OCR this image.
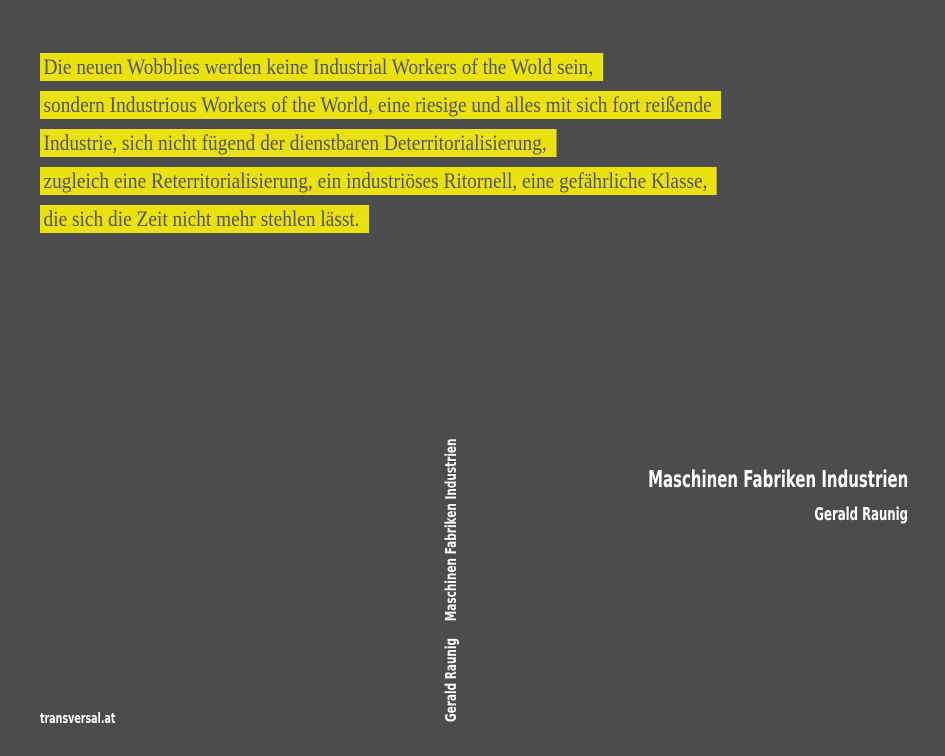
Die neuen Wobblies werden keine Industrial Workers of the Wold sein,
sondern Industrious Workers of the World, eine riesige und alles mit sich fort reißende
Industrie, sich nicht fügend der dienstbaren Deterritorialisierung,
zugleich eine Reterritorialisierung, ein industriöses Ritornell, eine gefährliche Klasse,
die sich die Zeit nicht mehr stehlen lässt.
Maschinen Fabriken Industrien
Gerald Raunig
Gerald RaunigMaschinen Fabriken Industrien
transversal.at
